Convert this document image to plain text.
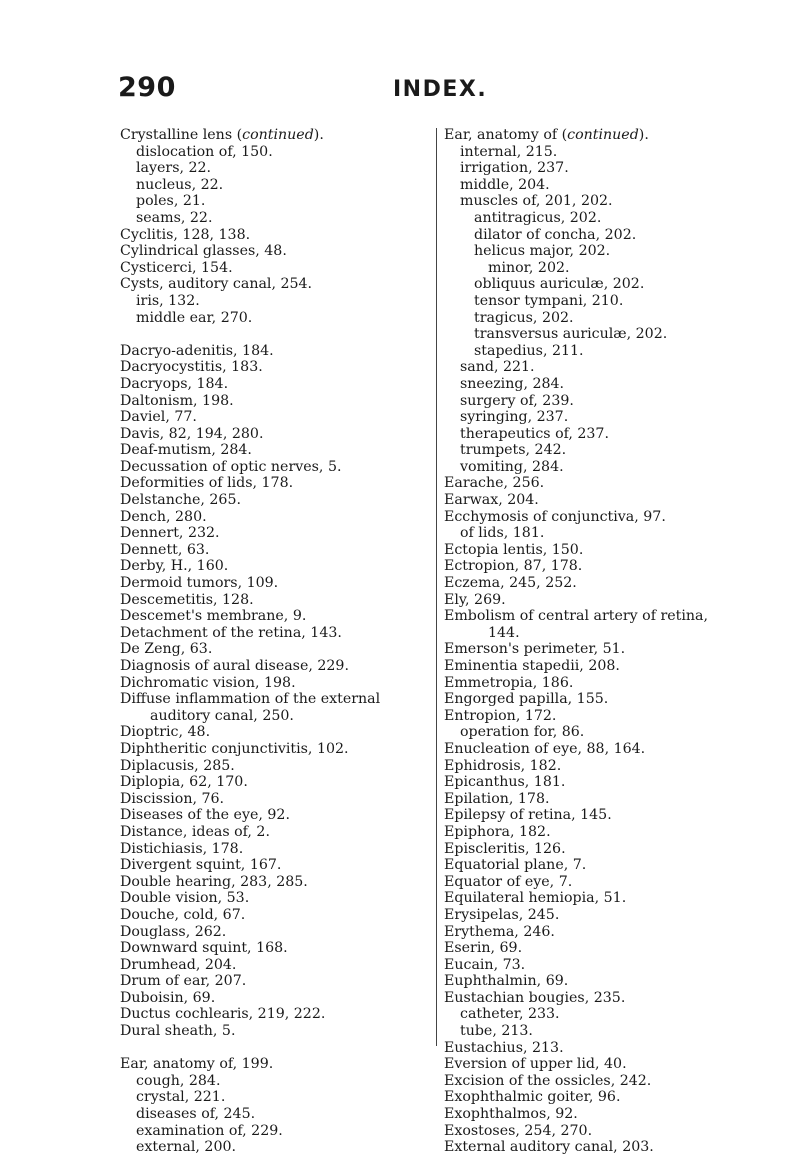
290	INDEX.
Crystalline lens (continued).
dislocation of, 150.
layers, 22.
nucleus, 22.
poles, 21.
seams, 22.
Cyclitis, 128, 138.
Cylindrical glasses, 48.
Cysticerci, 154.
Cysts, auditory canal, 254.
iris, 132.
middle ear, 270.
Dacryo-adenitis, 184.
Dacryocystitis, 183.
Dacryops, 184.
Daltonism, 198.
Daviel, 77.
Davis, 82, 194, 280.
Deaf-mutism, 284.
Decussation of optic nerves, 5.
Deformities of lids, 178.
Delstanche, 265.
Dench, 280.
Dennert, 232.
Dennett, 63.
Derby, H., 160.
Dermoid tumors, 109.
Descemetitis, 128.
Descemet's membrane, 9.
Detachment of the retina, 143.
De Zeng, 63.
Diagnosis of aural disease, 229.
Dichromatic vision, 198.
Diffuse inflammation of the external
auditory canal, 250.
Dioptric, 48.
Diphtheritic conjunctivitis, 102.
Diplacusis, 285.
Diplopia, 62, 170.
Discission, 76.
Diseases of the eye, 92.
Distance, ideas of, 2.
Distichiasis, 178.
Divergent squint, 167.
Double hearing, 283, 285.
Double vision, 53.
Douche, cold, 67.
Douglass, 262.
Downward squint, 168.
Drumhead, 204.
Drum of ear, 207.
Duboisin, 69.
Ductus cochlearis, 219, 222.
Dural sheath, 5.
Ear, anatomy of, 199.
cough, 284.
crystal, 221.
diseases of, 245.
examination of, 229.
external, 200.
Ear, anatomy of (continued).
internal, 215.
irrigation, 237.
middle, 204.
muscles of, 201, 202.
antitragicus, 202.
dilator of concha, 202.
helicus major, 202.
minor, 202.
obliquus auriculæ, 202.
tensor tympani, 210.
tragicus, 202.
transversus auriculæ, 202.
stapedius, 211.
sand, 221.
sneezing, 284.
surgery of, 239.
syringing, 237.
therapeutics of, 237.
trumpets, 242.
vomiting, 284.
Earache, 256.
Earwax, 204.
Ecchymosis of conjunctiva, 97.
of lids, 181.
Ectopia lentis, 150.
Ectropion, 87, 178.
Eczema, 245, 252.
Ely, 269.
Embolism of central artery of retina,
144.
Emerson's perimeter, 51.
Eminentia stapedii, 208.
Emmetropia, 186.
Engorged papilla, 155.
Entropion, 172.
operation for, 86.
Enucleation of eye, 88, 164.
Ephidrosis, 182.
Epicanthus, 181.
Epilation, 178.
Epilepsy of retina, 145.
Epiphora, 182.
Episcleritis, 126.
Equatorial plane, 7.
Equator of eye, 7.
Equilateral hemiopia, 51.
Erysipelas, 245.
Erythema, 246.
Eserin, 69.
Eucain, 73.
Euphthalmin, 69.
Eustachian bougies, 235.
catheter, 233.
tube, 213.
Eustachius, 213.
Eversion of upper lid, 40.
Excision of the ossicles, 242.
Exophthalmic goiter, 96.
Exophthalmos, 92.
Exostoses, 254, 270.
External auditory canal, 203.
